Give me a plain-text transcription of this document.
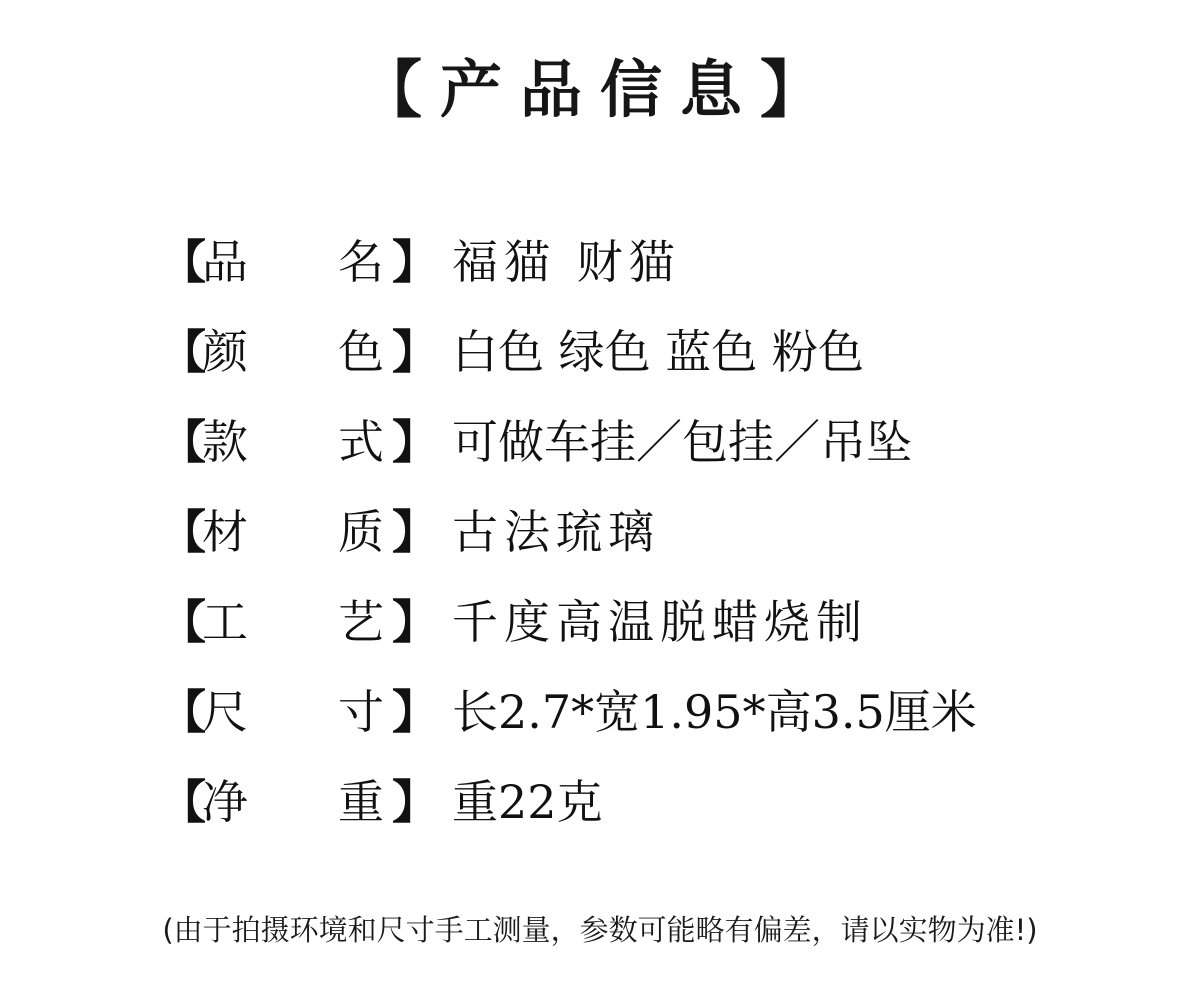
【产品信息】
【
品 名 】 福猫 财猫
【
颜 色 】 白色 绿色 蓝色 粉色
【
款 式 】 可做车挂／包挂／吊坠
【
材 质 】 古法琉璃
【
工 艺 】 千度高温脱蜡烧制
【
尺 寸 】 长2.7*宽1.95*高3.5厘米
【
净 重 】 重22克
(由于拍摄环境和尺寸手工测量，参数可能略有偏差，请以实物为准!)
